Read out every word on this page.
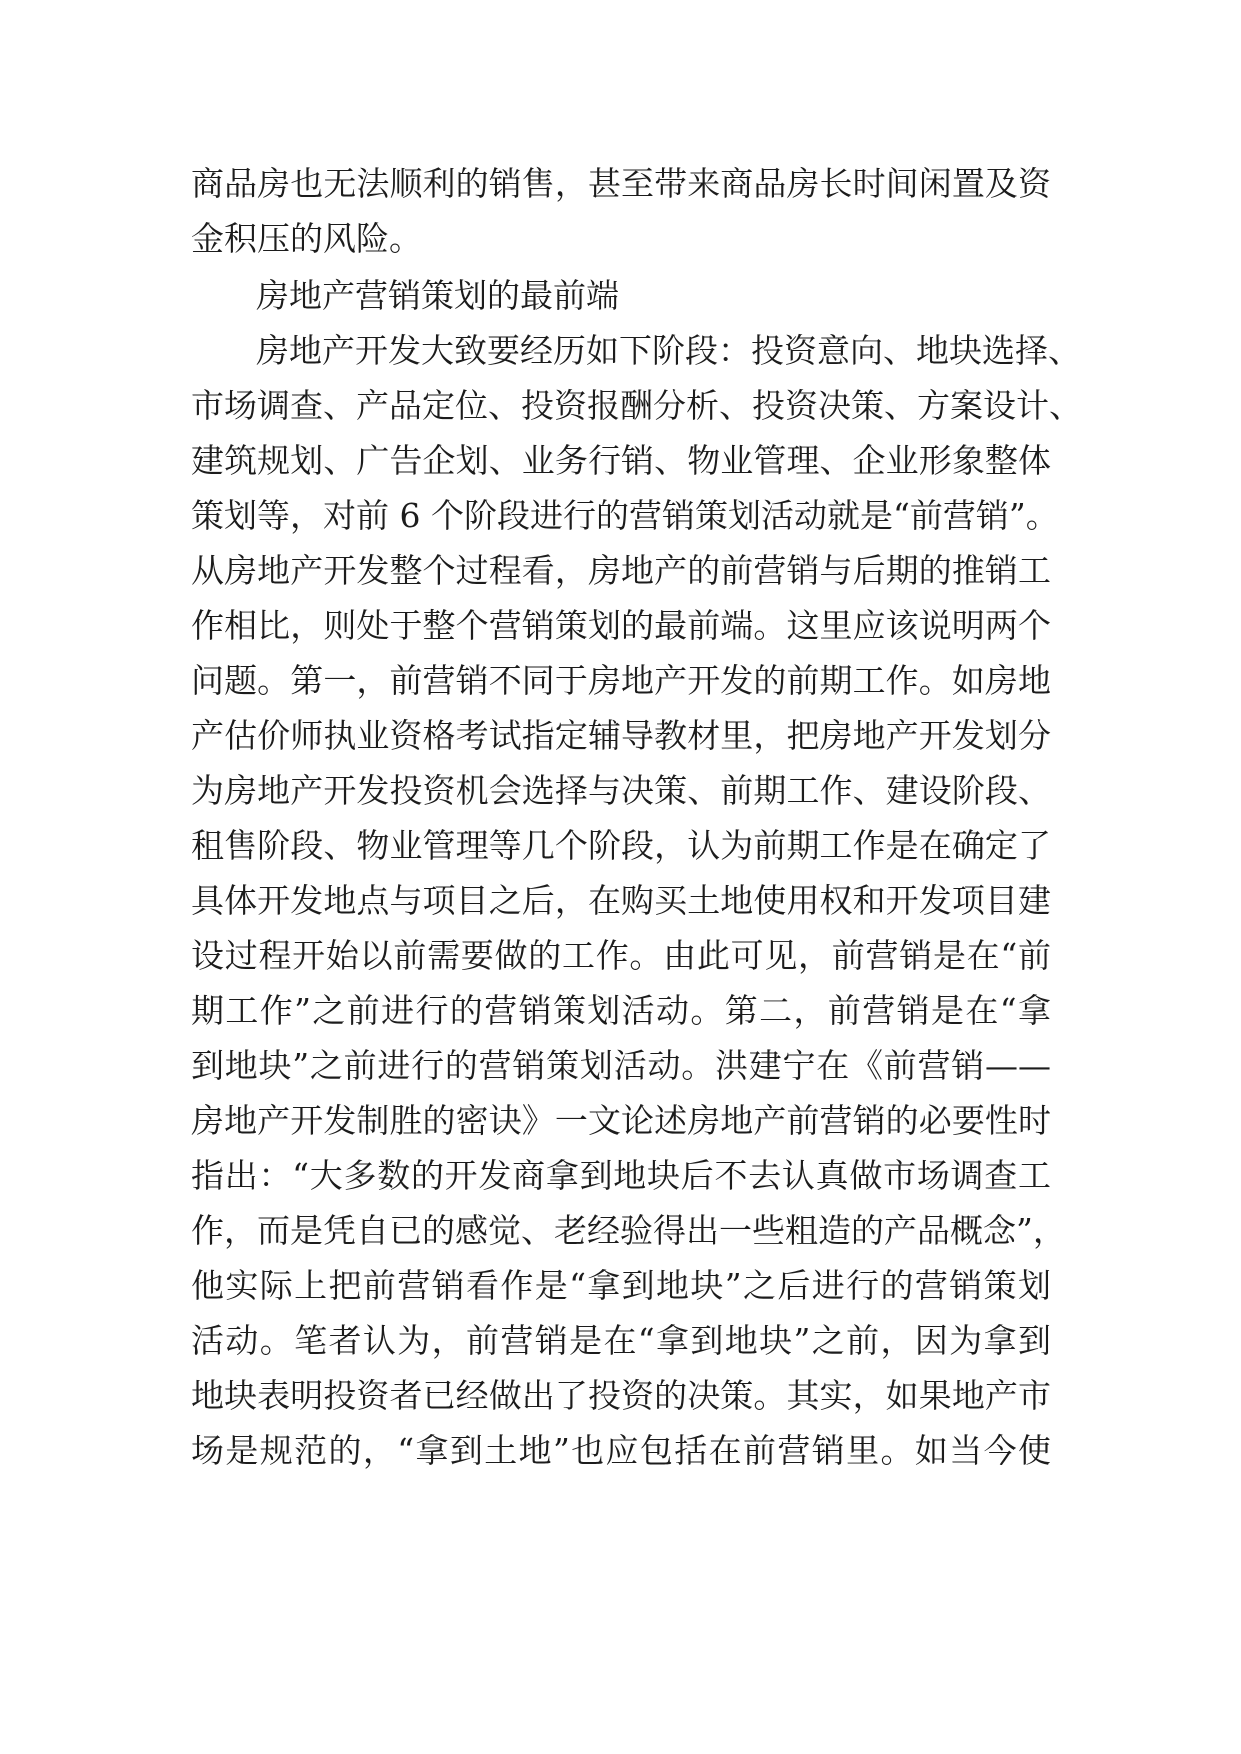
商品房也无法顺利的销售，甚至带来商品房长时间闲置及资
金积压的风险。
房地产营销策划的最前端
房地产开发大致要经历如下阶段：投资意向、地块选择、
市场调查、产品定位、投资报酬分析、投资决策、方案设计、
建筑规划、广告企划、业务行销、物业管理、企业形象整体
策划等，对前 6 个阶段进行的营销策划活动就是“前营销”。
从房地产开发整个过程看，房地产的前营销与后期的推销工
作相比，则处于整个营销策划的最前端。这里应该说明两个
问题。第一，前营销不同于房地产开发的前期工作。如房地
产估价师执业资格考试指定辅导教材里，把房地产开发划分
为房地产开发投资机会选择与决策、前期工作、建设阶段、
租售阶段、物业管理等几个阶段，认为前期工作是在确定了
具体开发地点与项目之后，在购买土地使用权和开发项目建
设过程开始以前需要做的工作。由此可见，前营销是在“前
期工作”之前进行的营销策划活动。第二，前营销是在“拿
到地块”之前进行的营销策划活动。洪建宁在《前营销——
房地产开发制胜的密诀》一文论述房地产前营销的必要性时
指出：“大多数的开发商拿到地块后不去认真做市场调查工
作，而是凭自已的感觉、老经验得出一些粗造的产品概念”，
他实际上把前营销看作是“拿到地块”之后进行的营销策划
活动。笔者认为，前营销是在“拿到地块”之前，因为拿到
地块表明投资者已经做出了投资的决策。其实，如果地产市
场是规范的，“拿到土地”也应包括在前营销里。如当今使
